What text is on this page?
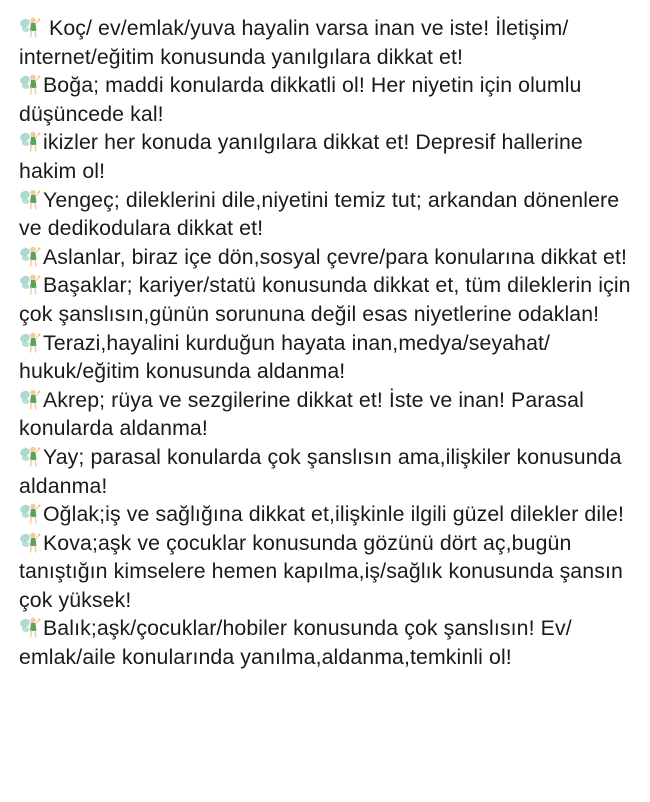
Koç/ ev/emlak/yuva hayalin varsa inan ve iste! İletişim/ internet/eğitim konusunda yanılgılara dikkat et!

Boğa; maddi konularda dikkatli ol! Her niyetin için olumlu düşüncede kal!

ikizler her konuda yanılgılara dikkat et! Depresif hallerine hakim ol!

Yengeç; dileklerini dile,niyetini temiz tut; arkandan dönenlere ve dedikodulara dikkat et!

Aslanlar, biraz içe dön,sosyal çevre/para konularına dikkat et!

Başaklar; kariyer/statü konusunda dikkat et, tüm dileklerin için çok şanslısın,günün sorununa değil esas niyetlerine odaklan!

Terazi,hayalini kurduğun hayata inan,medya/seyahat/ hukuk/eğitim konusunda aldanma!

Akrep; rüya ve sezgilerine dikkat et! İste ve inan! Parasal konularda aldanma!

Yay; parasal konularda çok şanslısın ama,ilişkiler konusunda aldanma!

Oğlak;iş ve sağlığına dikkat et,ilişkinle ilgili güzel dilekler dile!

Kova;aşk ve çocuklar konusunda gözünü dört aç,bugün tanıştığın kimselere hemen kapılma,iş/sağlık konusunda şansın çok yüksek!

Balık;aşk/çocuklar/hobiler konusunda çok şanslısın! Ev/ emlak/aile konularında yanılma,aldanma,temkinli ol!
